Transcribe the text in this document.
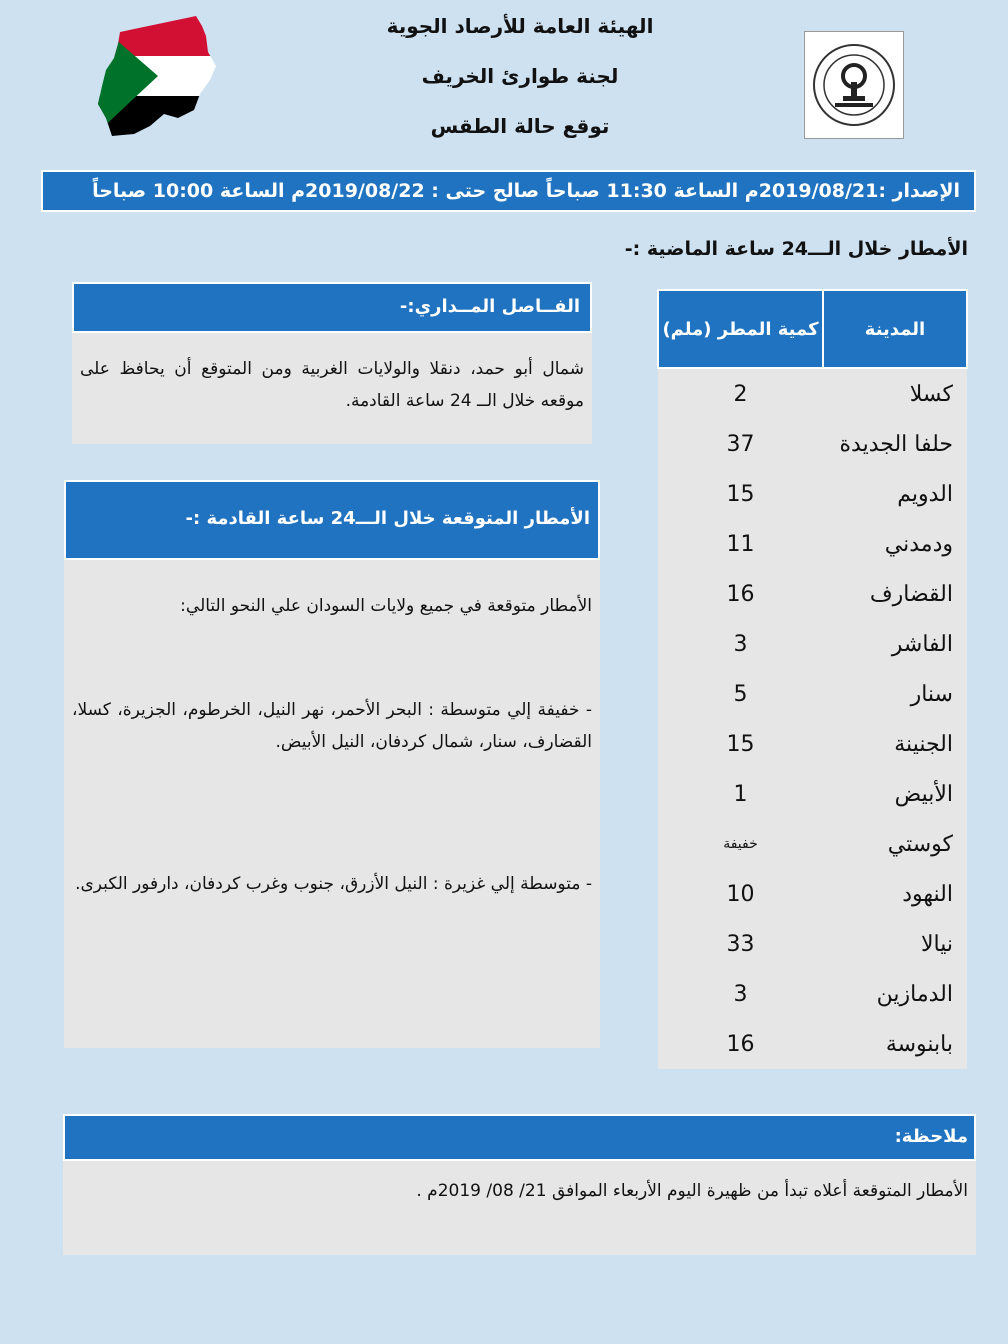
الهيئة العامة للأرصاد الجوية
لجنة طوارئ الخريف
توقع حالة الطقس
الإصدار :2019/08/21م الساعة 11:30 صباحاً صالح حتى : 2019/08/22م الساعة 10:00 صباحاً
الأمطار خلال الـــ24 ساعة الماضية :-
المدينة	كمية المطر (ملم)
كسلا	2
حلفا الجديدة	37
الدويم	15
ودمدني	11
القضارف	16
الفاشر	3
سنار	5
الجنينة	15
الأبيض	1
كوستي	خفيفة
النهود	10
نيالا	33
الدمازين	3
بابنوسة	16
الفــاصل المــداري:-
شمال أبو حمد، دنقلا والولايات الغربية ومن المتوقع أن يحافظ على موقعه خلال الــ 24 ساعة القادمة.
الأمطار المتوقعة خلال الـــ24 ساعة القادمة :-
الأمطار متوقعة في جميع ولايات السودان علي النحو التالي:
- خفيفة إلي متوسطة : البحر الأحمر، نهر النيل، الخرطوم، الجزيرة، كسلا، القضارف، سنار، شمال كردفان، النيل الأبيض.
- متوسطة إلي غزيرة : النيل الأزرق، جنوب وغرب كردفان، دارفور الكبرى.
ملاحظة:
الأمطار المتوقعة أعلاه تبدأ من ظهيرة اليوم الأربعاء الموافق 21/ 08/ 2019م .
